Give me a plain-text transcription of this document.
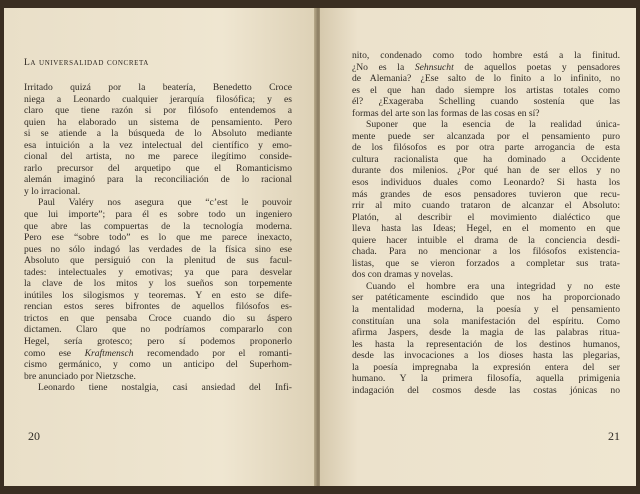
La universalidad concreta
Irritado quizá por la beatería, Benedetto Croce
niega a Leonardo cualquier jerarquía filosófica; y es
claro que tiene razón si por filósofo entendemos a
quien ha elaborado un sistema de pensamiento. Pero
si se atiende a la búsqueda de lo Absoluto mediante
esa intuición a la vez intelectual del científico y emo-
cional del artista, no me parece ilegítimo conside-
rarlo precursor del arquetipo que el Romanticismo
alemán imaginó para la reconciliación de lo racional
y lo irracional.
Paul Valéry nos asegura que “c’est le pouvoir
que lui importe”; para él es sobre todo un ingeniero
que abre las compuertas de la tecnología moderna.
Pero ese “sobre todo” es lo que me parece inexacto,
pues no sólo indagó las verdades de la física sino ese
Absoluto que persiguió con la plenitud de sus facul-
tades: intelectuales y emotivas; ya que para desvelar
la clave de los mitos y los sueños son torpemente
inútiles los silogismos y teoremas. Y en esto se dife-
rencian estos seres bifrontes de aquellos filósofos es-
trictos en que pensaba Croce cuando dio su áspero
dictamen. Claro que no podríamos compararlo con
Hegel, sería grotesco; pero sí podemos proponerlo
como ese Kraftmensch recomendado por el romanti-
cismo germánico, y como un anticipo del Superhom-
bre anunciado por Nietzsche.
Leonardo tiene nostalgia, casi ansiedad del Infi-
20
nito, condenado como todo hombre está a la finitud.
¿No es la Sehnsucht de aquellos poetas y pensadores
de Alemania? ¿Ese salto de lo finito a lo infinito, no
es el que han dado siempre los artistas totales como
él? ¿Exageraba Schelling cuando sostenía que las
formas del arte son las formas de las cosas en sí?
Suponer que la esencia de la realidad única-
mente puede ser alcanzada por el pensamiento puro
de los filósofos es por otra parte arrogancia de esta
cultura racionalista que ha dominado a Occidente
durante dos milenios. ¿Por qué han de ser ellos y no
esos individuos duales como Leonardo? Si hasta los
más grandes de esos pensadores tuvieron que recu-
rrir al mito cuando trataron de alcanzar el Absoluto:
Platón, al describir el movimiento dialéctico que
lleva hasta las Ideas; Hegel, en el momento en que
quiere hacer intuible el drama de la conciencia desdi-
chada. Para no mencionar a los filósofos existencia-
listas, que se vieron forzados a completar sus trata-
dos con dramas y novelas.
Cuando el hombre era una integridad y no este
ser patéticamente escindido que nos ha proporcionado
la mentalidad moderna, la poesía y el pensamiento
constituían una sola manifestación del espíritu. Como
afirma Jaspers, desde la magia de las palabras ritua-
les hasta la representación de los destinos humanos,
desde las invocaciones a los dioses hasta las plegarias,
la poesía impregnaba la expresión entera del ser
humano. Y la primera filosofía, aquella primigenia
indagación del cosmos desde las costas jónicas no
21
